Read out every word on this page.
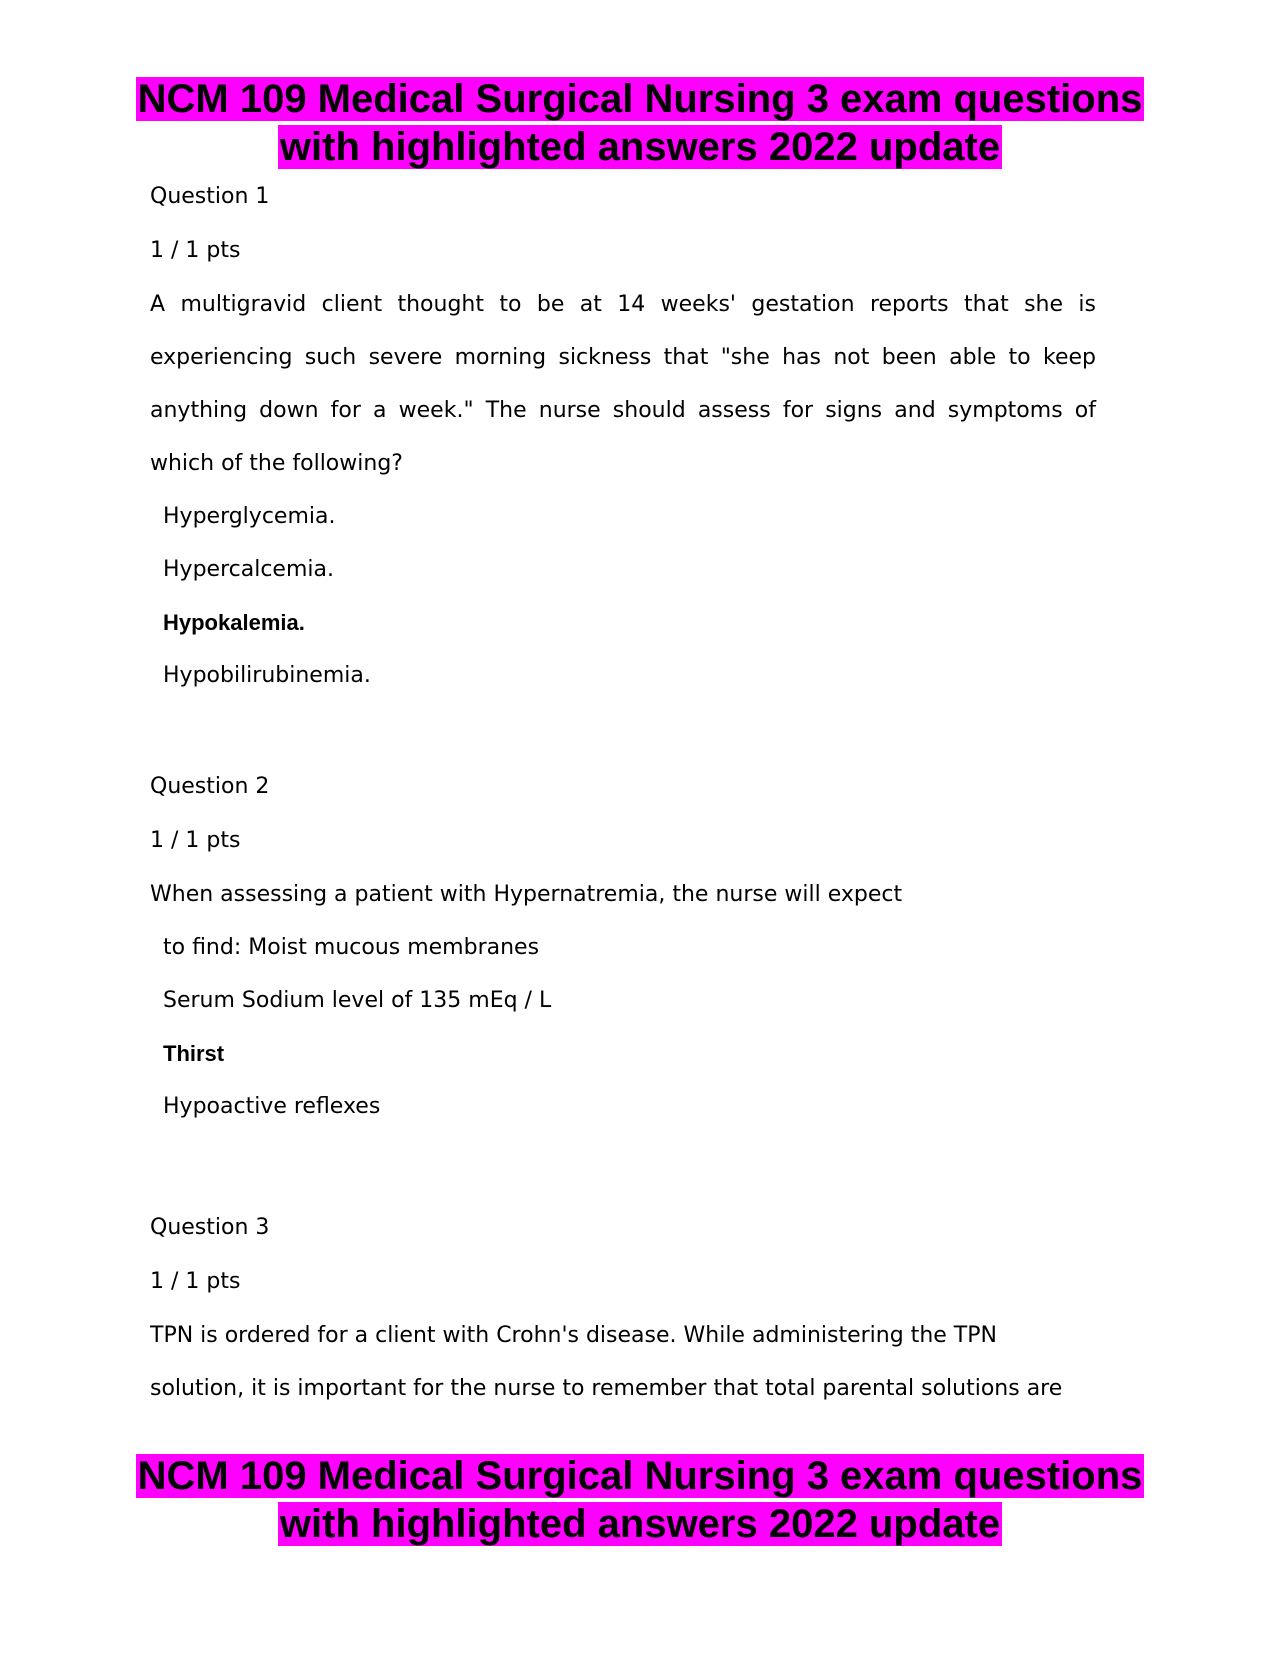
NCM 109 Medical Surgical Nursing 3 exam questions
with highlighted answers 2022 update

Question 1

1 / 1 pts

A multigravid client thought to be at 14 weeks' gestation reports that she is experiencing such severe morning sickness that "she has not been able to keep anything down for a week." The nurse should assess for signs and symptoms of which of the following?

Hyperglycemia.
Hypercalcemia.
Hypokalemia.
Hypobilirubinemia.

Question 2

1 / 1 pts

When assessing a patient with Hypernatremia, the nurse will expect

to find: Moist mucous membranes
Serum Sodium level of 135 mEq / L
Thirst
Hypoactive reflexes

Question 3

1 / 1 pts

TPN is ordered for a client with Crohn's disease. While administering the TPN

solution, it is important for the nurse to remember that total parental solutions are

NCM 109 Medical Surgical Nursing 3 exam questions
with highlighted answers 2022 update
